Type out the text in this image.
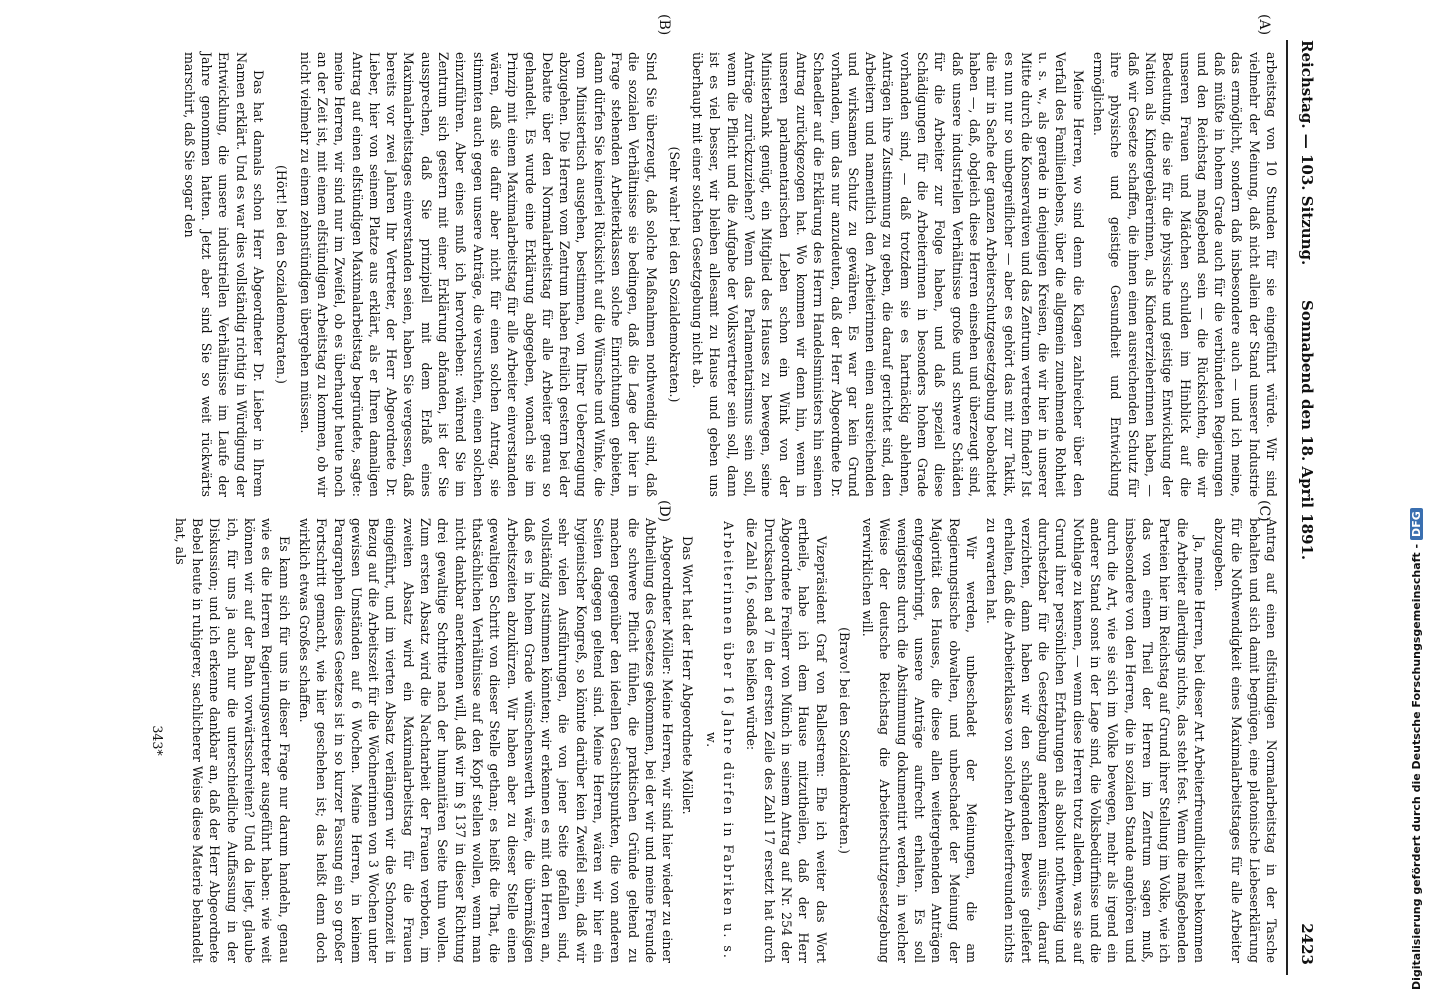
Reichstag. — 103. Sitzung.
Sonnabend den 18. April 1891.
2423
(A)
(B)
(C)
(D)

arbeitstag von 10 Stunden für sie eingeführt würde. Wir sind vielmehr der Meinung, daß nicht allein der Stand unserer Industrie das ermöglicht, sondern daß insbesondere auch — und ich meine, daß müßte in hohem Grade auch für die verbündeten Regierungen und den Reichstag maßgebend sein — die Rücksichten, die wir unseren Frauen und Mädchen schulden im Hinblick auf die Bedeutung, die sie für die physische und geistige Entwicklung der Nation als Kindergebärerinnen, als Kindererzieherinnen haben, — daß wir Gesetze schaffen, die ihnen einen ausreichenden Schutz für ihre physische und geistige Gesundheit und Entwicklung ermöglichen.

Meine Herren, wo sind denn die Klagen zahlreicher über den Verfall des Familienlebens, über die allgemein zunehmende Rohheit u. s. w., als gerade in denjenigen Kreisen, die wir hier in unserer Mitte durch die Konservativen und das Zentrum vertreten finden? Ist es nun nur so unbegreiflicher — aber es gehört das mit zur Taktik, die mir in Sache der ganzen Arbeiterschutzgesetzgebung beobachtet haben —, daß, obgleich diese Herren einsehen und überzeugt sind, daß unsere industriellen Verhältnisse große und schwere Schäden für die Arbeiter zur Folge haben, und daß speziell diese Schädigungen für die Arbeiterinnen in besonders hohem Grade vorhanden sind, — daß trotzdem sie es hartnäckig ablehnen, Anträgen ihre Zustimmung zu geben, die darauf gerichtet sind, den Arbeitern und namentlich den Arbeiterinnen einen ausreichenden und wirksamen Schutz zu gewähren. Es war gar kein Grund vorhanden, um das nur anzudeuten, daß der Herr Abgeordnete Dr. Schaedler auf die Erklärung des Herrn Handelsministers hin seinen Antrag zurückgezogen hat. Wo kommen wir denn hin, wenn in unseren parlamentarischen Leben schon ein Wink von der Ministerbank genügt, ein Mitglied des Hauses zu bewegen, seine Anträge zurückzuziehen? Wenn das Parlamentarismus sein soll, wenn die Pflicht und die Aufgabe der Volksvertreter sein soll, dann ist es viel besser, wir bleiben allesamt zu Hause und geben uns überhaupt mit einer solchen Gesetzgebung nicht ab.

(Sehr wahr! bei den Sozialdemokraten.)

Sind Sie überzeugt, daß solche Maßnahmen nothwendig sind, daß die sozialen Verhältnisse sie bedingen, daß die Lage der hier in Frage stehenden Arbeiterklassen solche Einrichtungen gebieten, dann dürfen Sie keinerlei Rücksicht auf die Wünsche und Winke, die vom Ministertisch ausgehen, bestimmen, von Ihrer Ueberzeugung abzugehen. Die Herren vom Zentrum haben freilich gestern bei der Debatte über den Normalarbeitstag für alle Arbeiter genau so gehandelt. Es wurde eine Erklärung abgegeben, wonach sie im Prinzip mit einem Maximalarbeitstag für alle Arbeiter einverstanden wären, daß sie dafür aber nicht für einen solchen Antrag, sie stimmten auch gegen unsere Anträge, die versuchten, einen solchen einzuführen. Aber eines muß ich hervorheben: während Sie im Zentrum sich gestern mit einer Erklärung abfanden, ist der Sie aussprechen, daß Sie prinzipiell mit dem Erlaß eines Maximalarbeitstages einverstanden seien, haben Sie vergessen, daß bereits vor zwei Jahren Ihr Vertreter, der Herr Abgeordnete Dr. Lieber, hier von seinem Platze aus erklärt, als er Ihren damaligen Antrag auf einen elfstündigen Maximalarbeitstag begründete, sagte: meine Herren, wir sind nur im Zweifel, ob es überhaupt heute noch an der Zeit ist, mit einem elfstündigen Arbeitstag zu kommen, ob wir nicht vielmehr zu einem zehnstündigen übergehen müssen.

(Hört! bei den Sozialdemokraten.)

Das hat damals schon Herr Abgeordneter Dr. Lieber in Ihrem Namen erklärt. Und es war dies vollständig richtig in Würdigung der Entwicklung, die unsere industriellen Verhältnisse im Laufe der Jahre genommen hatten. Jetzt aber sind Sie so weit rückwärts marschirt, daß Sie sogar den

Antrag auf einen elfstündigen Normalarbeitstag in der Tasche behalten und sich damit begnügen, eine platonische Liebeserklärung für die Nothwendigkeit eines Maximalarbeitstages für alle Arbeiter abzugeben.

Ja, meine Herren, bei dieser Art Arbeiterfreundlichkeit bekommen die Arbeiter allerdings nichts, das steht fest. Wenn die maßgebenden Parteien hier im Reichstag auf Grund ihrer Stellung im Volke, wie ich das von einem Theil der Herren im Zentrum sagen muß, insbesondere von den Herren, die in sozialen Stande angehören und durch die Art, wie sie sich im Volke bewegen, mehr als irgend ein anderer Stand sonst in der Lage sind, die Volksbedürfnisse und die Nothlage zu kennen, — wenn diese Herren trotz alledem, was sie auf Grund ihrer persönlichen Erfahrungen als absolut nothwendig und durchsetzbar für die Gesetzgebung anerkennen müssen, darauf verzichten, dann haben wir den schlagenden Beweis geliefert erhalten, daß die Arbeiterklasse von solchen Arbeiterfreunden nichts zu erwarten hat.

Wir werden, unbeschadet der Meinungen, die am Regierungstische obwalten, und unbeschadet der Meinung der Majorität des Hauses, die diese allen weitergehenden Anträgen entgegenbringt, unsere Anträge aufrecht erhalten. Es soll wenigstens durch die Abstimmung dokumentirt werden, in welcher Weise der deutsche Reichstag die Arbeiterschutzgesetzgebung verwirklichen will.

(Bravo! bei den Sozialdemokraten.)

Vizepräsident Graf von Ballestrem: Ehe ich weiter das Wort ertheile, habe ich dem Hause mitzutheilen, daß der Herr Abgeordnete Freiherr von Münch in seinem Antrag auf Nr. 254 der Drucksachen ad 7 in der ersten Zeile des Zahl 17 ersetzt hat durch die Zahl 16, sodaß es heißen würde:

Arbeiterinnen über 16 Jahre dürfen in Fabriken u. s. w.

Das Wort hat der Herr Abgeordnete Möller.

Abgeordneter Möller: Meine Herren, wir sind hier wieder zu einer Abtheilung des Gesetzes gekommen, bei der wir und meine Freunde die schwere Pflicht fühlen, die praktischen Gründe geltend zu machen gegenüber den ideellen Gesichtspunkten, die von anderen Seiten dagegen geltend sind. Meine Herren, wären wir hier ein hygienischer Kongreß, so könnte darüber kein Zweifel sein, daß wir sehr vielen Ausführungen, die von jener Seite gefallen sind, vollständig zustimmen könnten; wir erkennen es mit den Herren an, daß es in hohem Grade wünschenswerth wäre, die übermäßigen Arbeitszeiten abzukürzen. Wir haben aber zu dieser Stelle einen gewaltigen Schritt von dieser Stelle gethan; es heißt die That, die thatsächlichen Verhältnisse auf den Kopf stellen wollen, wenn man nicht dankbar anerkennen will, daß wir im § 137 in dieser Richtung drei gewaltige Schritte nach der humanitären Seite thun wollen. Zum ersten Absatz wird die Nachtarbeit der Frauen verboten, im zweiten Absatz wird ein Maximalarbeitstag für die Frauen eingeführt, und im vierten Absatz verlängern wir die Schonzeit in Bezug auf die Arbeitszeit für die Wöchnerinnen von 3 Wochen unter gewissen Umständen auf 6 Wochen. Meine Herren, in keinem Paragraphen dieses Gesetzes ist in so kurzer Fassung ein so großer Fortschritt gemacht, wie hier geschehen ist; das heißt denn doch wirklich etwas Großes schaffen.

Es kann sich für uns in dieser Frage nur darum handeln, genau wie es die Herren Regierungsvertreter ausgeführt haben: wie weit können wir auf der Bahn vorwärtsschreiten? Und da liegt, glaube ich, für uns ja auch nur die unterschiedliche Auffassung in der Diskussion; und ich erkenne dankbar an, daß der Herr Abgeordnete Bebel heute in ruhigerer, sachlicherer Weise diese Materie behandelt hat, als

343*	Digitalisierung gefördert durch die Deutsche Forschungsgemeinschaft -DFG
